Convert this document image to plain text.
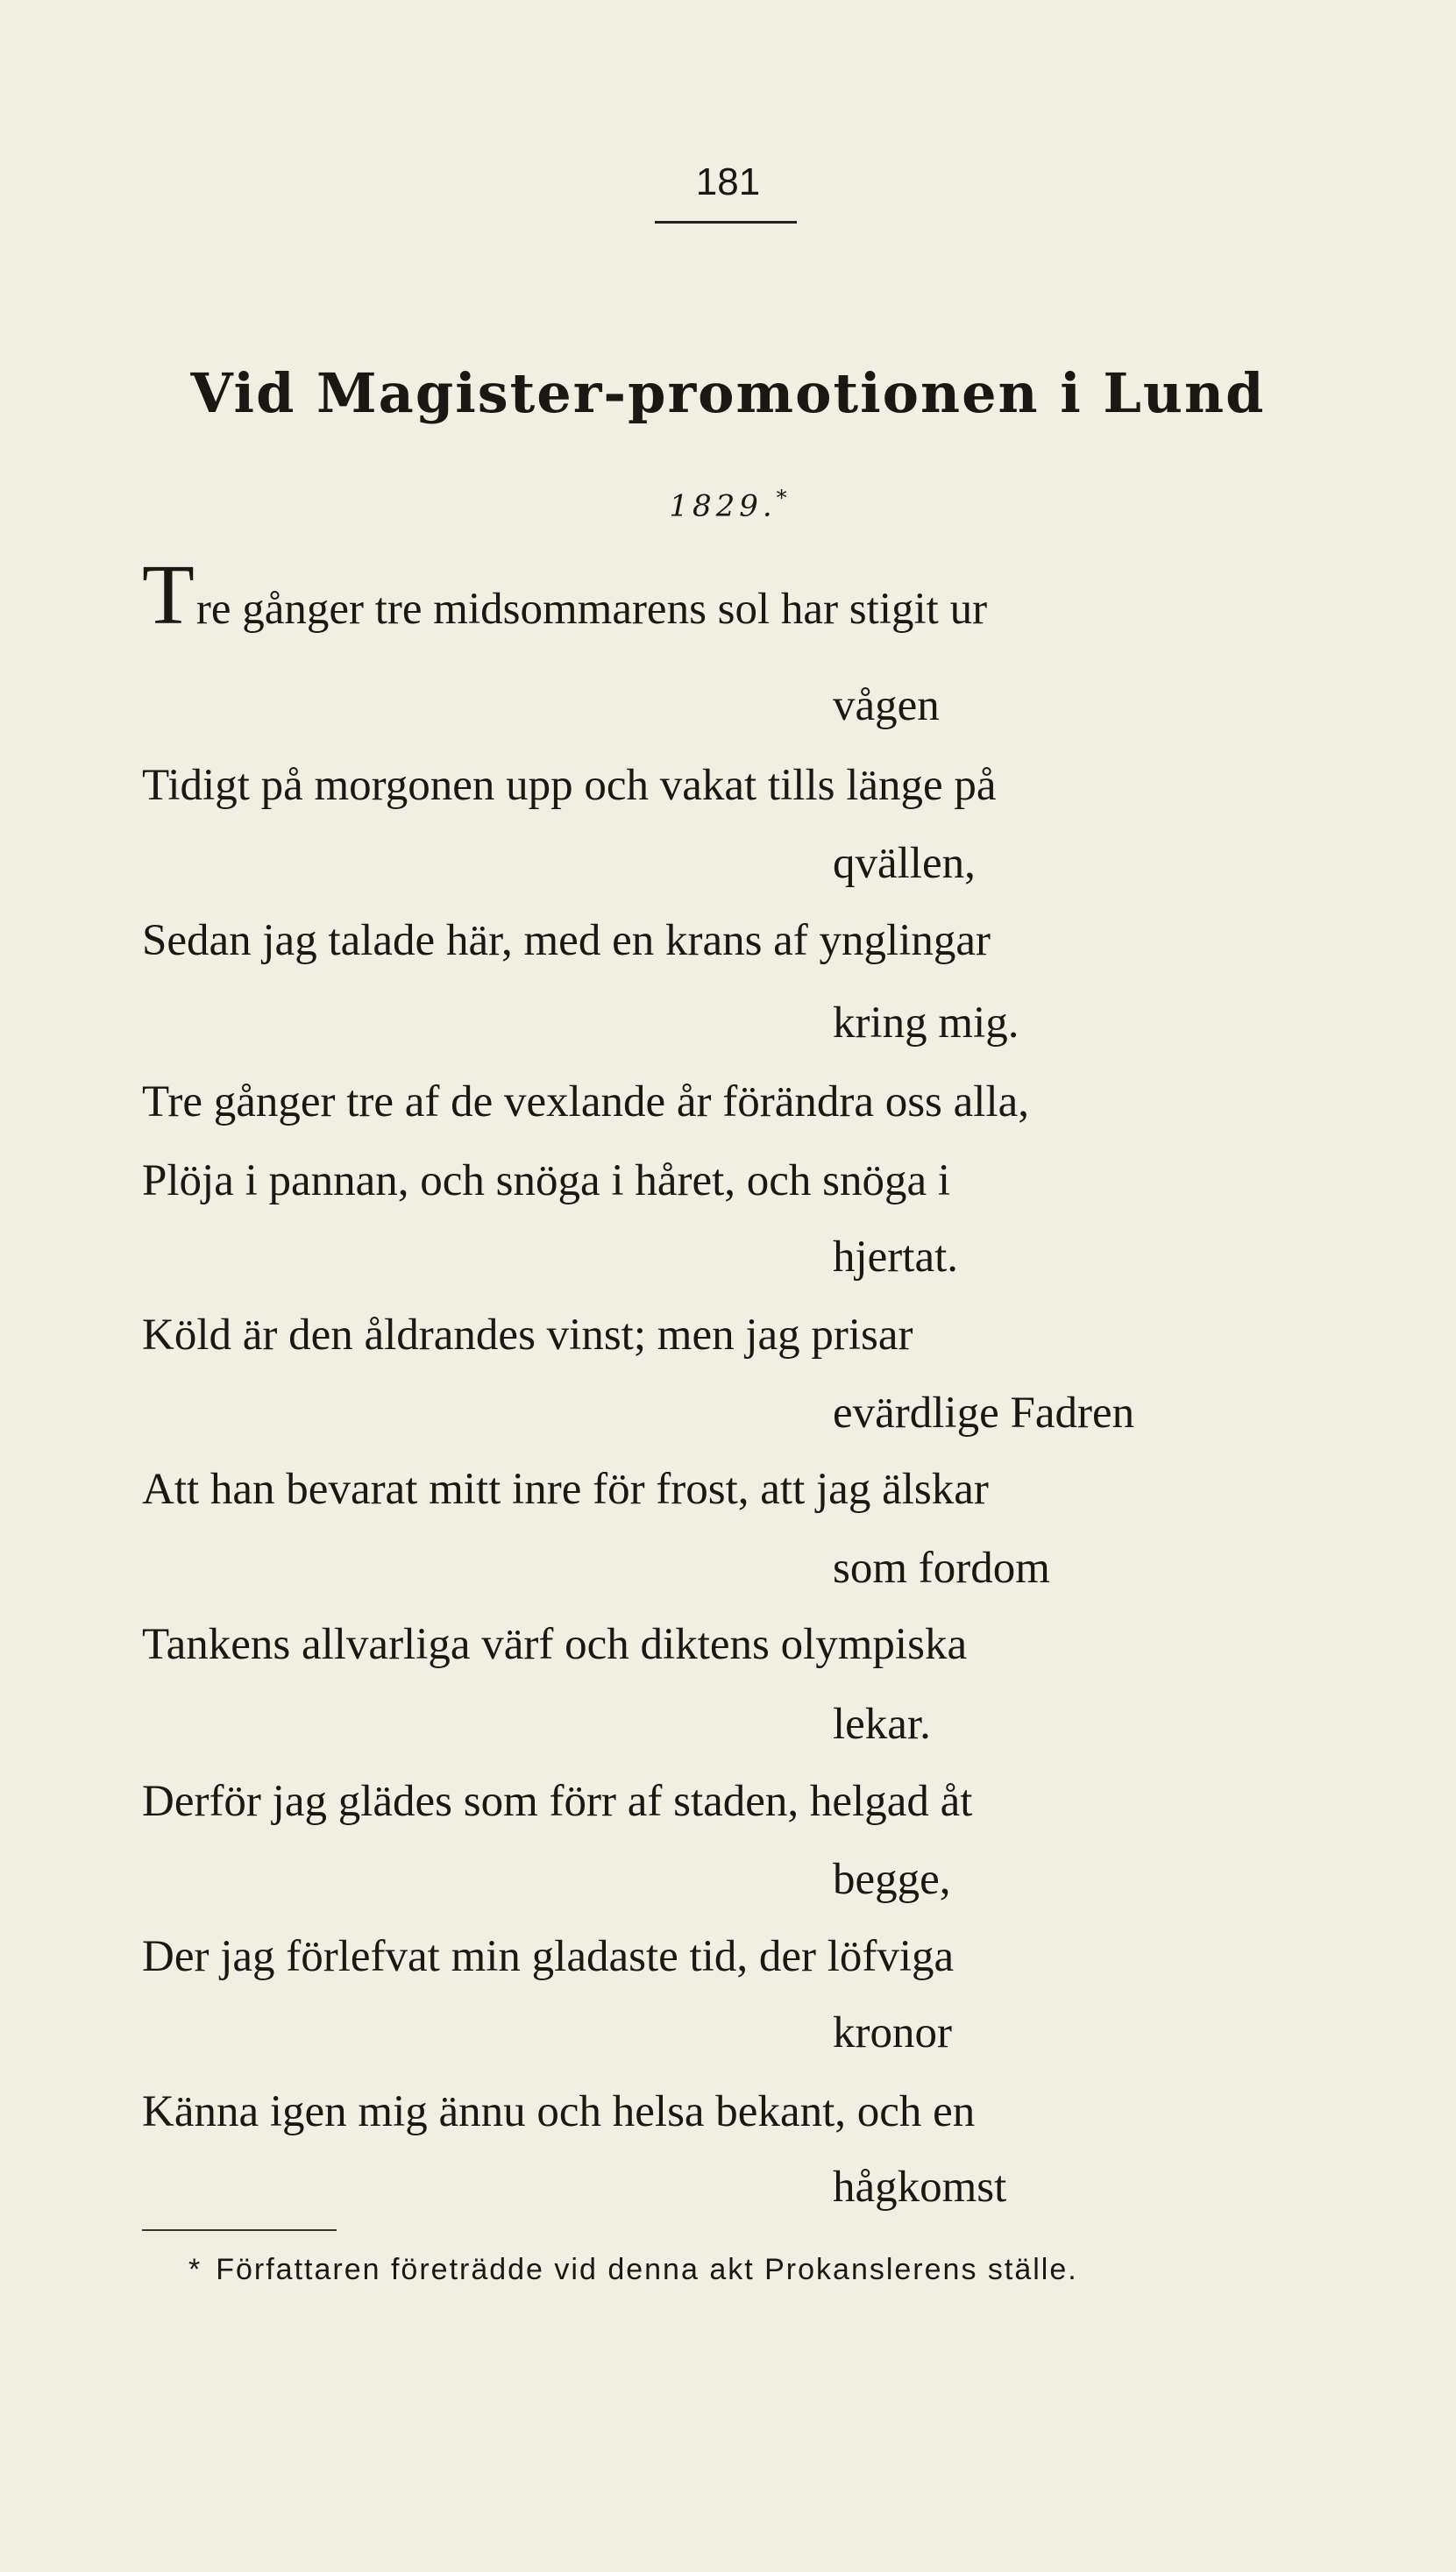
181
Vid Magister-promotionen i Lund
1829.*
Tre gånger tre midsommarens sol har stigit ur
vågen
Tidigt på morgonen upp och vakat tills länge på
qvällen,
Sedan jag talade här, med en krans af ynglingar
kring mig.
Tre gånger tre af de vexlande år förändra oss alla,
Plöja i pannan, och snöga i håret, och snöga i
hjertat.
Köld är den åldrandes vinst; men jag prisar
evärdlige Fadren
Att han bevarat mitt inre för frost, att jag älskar
som fordom
Tankens allvarliga värf och diktens olympiska
lekar.
Derför jag glädes som förr af staden, helgad åt
begge,
Der jag förlefvat min gladaste tid, der löfviga
kronor
Känna igen mig ännu och helsa bekant, och en
hågkomst
* Författaren företrädde vid denna akt Prokanslerens ställe.
